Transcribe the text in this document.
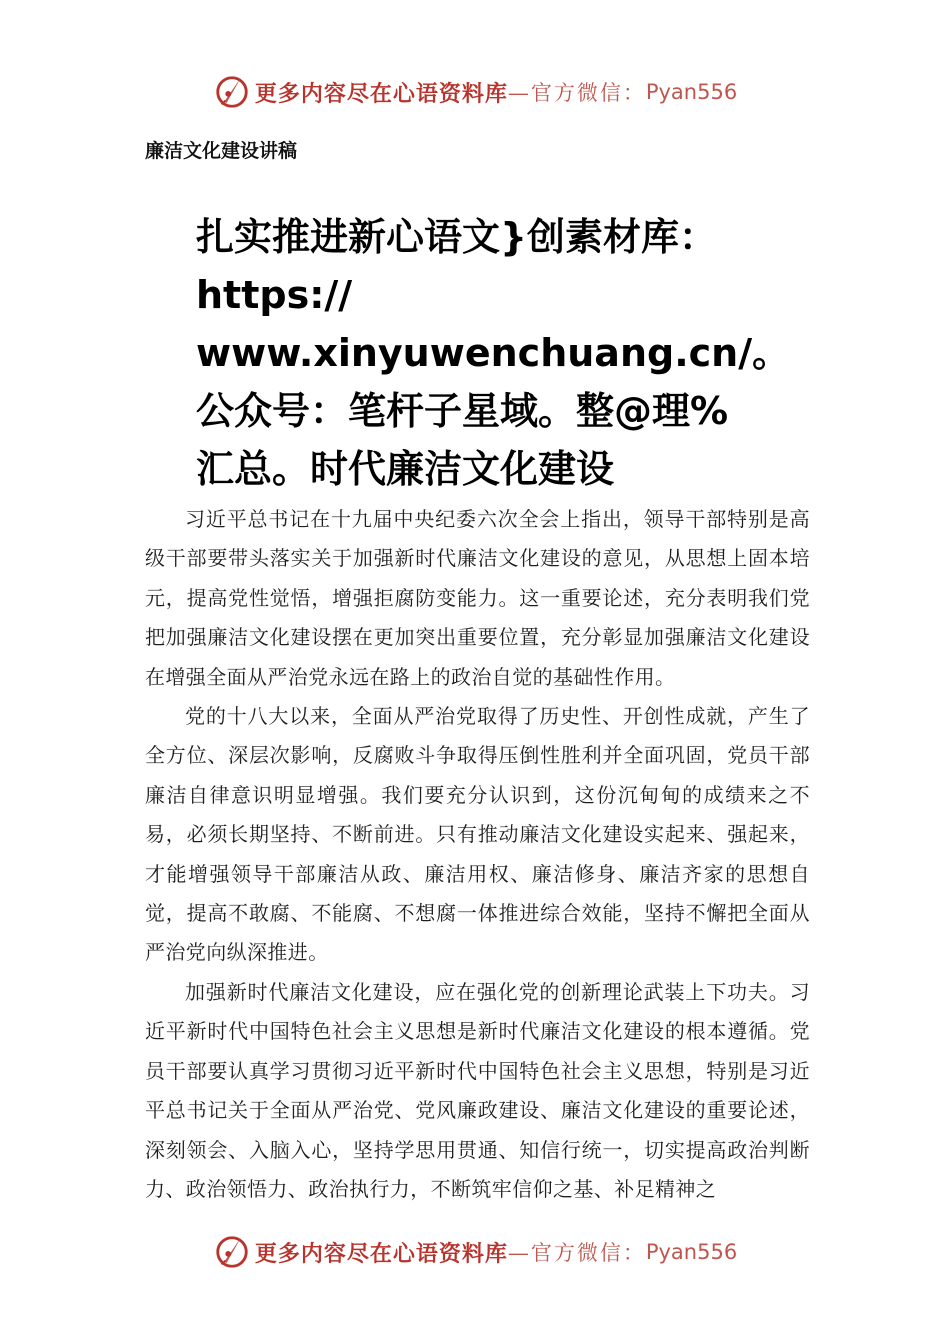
更多内容尽在心语资料库 —官方微信： Pyan556
廉洁文化建设讲稿
扎实推进新心语文}创素材库：
https://
www.xinyuwenchuang.cn/。
公众号：笔杆子星域。整@理%
汇总。时代廉洁文化建设

习近平总书记在十九届中央纪委六次全会上指出，领导干部特别是高级干部要带头落实关于加强新时代廉洁文化建设的意见，从思想上固本培元，提高党性觉悟，增强拒腐防变能力。这一重要论述，充分表明我们党把加强廉洁文化建设摆在更加突出重要位置，充分彰显加强廉洁文化建设在增强全面从严治党永远在路上的政治自觉的基础性作用。

党的十八大以来，全面从严治党取得了历史性、开创性成就，产生了全方位、深层次影响，反腐败斗争取得压倒性胜利并全面巩固，党员干部廉洁自律意识明显增强。我们要充分认识到，这份沉甸甸的成绩来之不易，必须长期坚持、不断前进。只有推动廉洁文化建设实起来、强起来，才能增强领导干部廉洁从政、廉洁用权、廉洁修身、廉洁齐家的思想自觉，提高不敢腐、不能腐、不想腐一体推进综合效能，坚持不懈把全面从严治党向纵深推进。

加强新时代廉洁文化建设，应在强化党的创新理论武装上下功夫。习近平新时代中国特色社会主义思想是新时代廉洁文化建设的根本遵循。党员干部要认真学习贯彻习近平新时代中国特色社会主义思想，特别是习近平总书记关于全面从严治党、党风廉政建设、廉洁文化建设的重要论述，深刻领会、入脑入心，坚持学思用贯通、知信行统一，切实提高政治判断力、政治领悟力、政治执行力，不断筑牢信仰之基、补足精神之

更多内容尽在心语资料库 —官方微信： Pyan556
